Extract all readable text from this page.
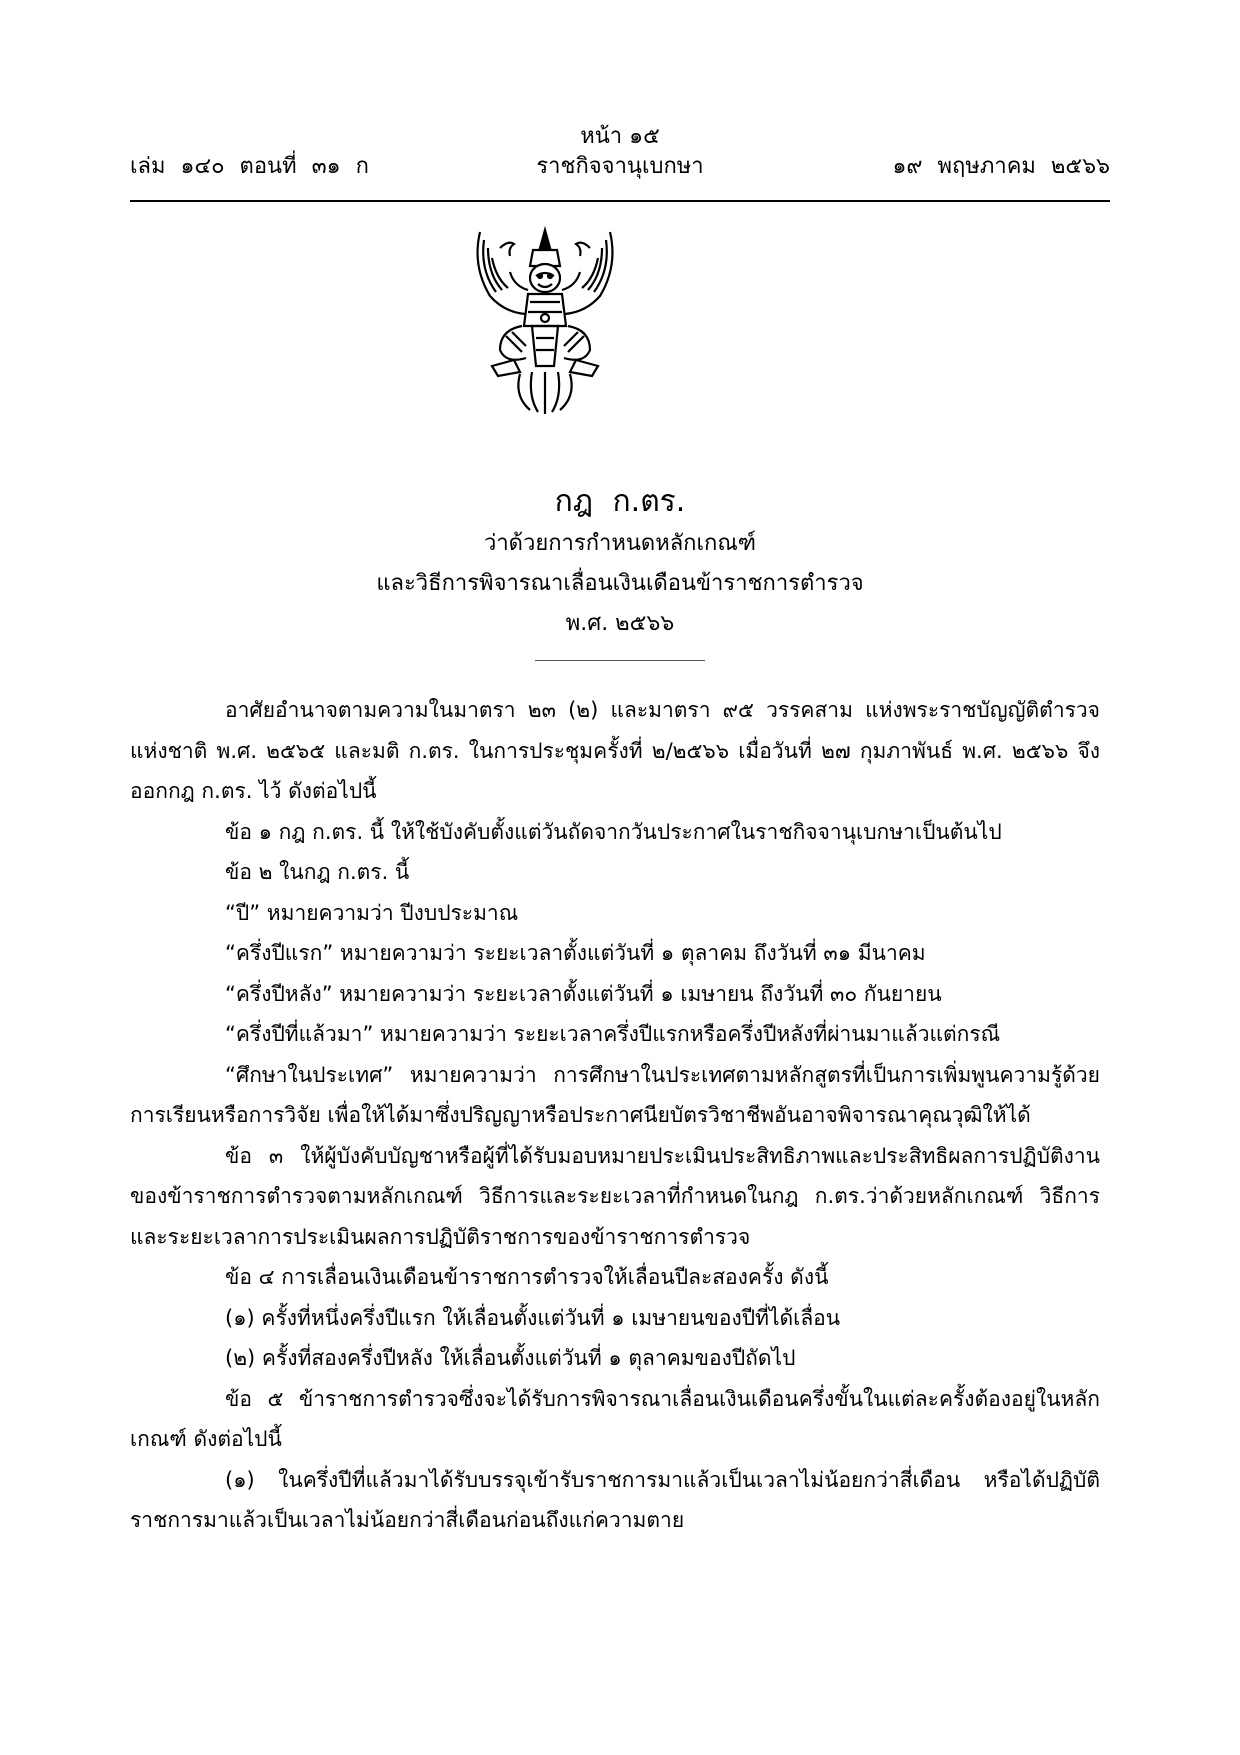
หน้า ๑๕
เล่ม ๑๔๐ ตอนที่ ๓๑ ก	ราชกิจจานุเบกษา	๑๙ พฤษภาคม ๒๕๖๖
กฎ ก.ตร.
ว่าด้วยการกำหนดหลักเกณฑ์
และวิธีการพิจารณาเลื่อนเงินเดือนข้าราชการตำรวจ
พ.ศ. ๒๕๖๖

อาศัยอำนาจตามความในมาตรา ๒๓ (๒) และมาตรา ๙๕ วรรคสาม แห่งพระราชบัญญัติตำรวจแห่งชาติ พ.ศ. ๒๕๖๕ และมติ ก.ตร. ในการประชุมครั้งที่ ๒/๒๕๖๖ เมื่อวันที่ ๒๗ กุมภาพันธ์ พ.ศ. ๒๕๖๖ จึงออกกฎ ก.ตร. ไว้ ดังต่อไปนี้

ข้อ ๑ กฎ ก.ตร. นี้ ให้ใช้บังคับตั้งแต่วันถัดจากวันประกาศในราชกิจจานุเบกษาเป็นต้นไป

ข้อ ๒ ในกฎ ก.ตร. นี้

“ปี” หมายความว่า ปีงบประมาณ

“ครึ่งปีแรก” หมายความว่า ระยะเวลาตั้งแต่วันที่ ๑ ตุลาคม ถึงวันที่ ๓๑ มีนาคม

“ครึ่งปีหลัง” หมายความว่า ระยะเวลาตั้งแต่วันที่ ๑ เมษายน ถึงวันที่ ๓๐ กันยายน

“ครึ่งปีที่แล้วมา” หมายความว่า ระยะเวลาครึ่งปีแรกหรือครึ่งปีหลังที่ผ่านมาแล้วแต่กรณี

“ศึกษาในประเทศ” หมายความว่า การศึกษาในประเทศตามหลักสูตรที่เป็นการเพิ่มพูนความรู้ด้วยการเรียนหรือการวิจัย เพื่อให้ได้มาซึ่งปริญญาหรือประกาศนียบัตรวิชาชีพอันอาจพิจารณาคุณวุฒิให้ได้

ข้อ ๓ ให้ผู้บังคับบัญชาหรือผู้ที่ได้รับมอบหมายประเมินประสิทธิภาพและประสิทธิผลการปฏิบัติงานของข้าราชการตำรวจตามหลักเกณฑ์ วิธีการและระยะเวลาที่กำหนดในกฎ ก.ตร.ว่าด้วยหลักเกณฑ์ วิธีการและระยะเวลาการประเมินผลการปฏิบัติราชการของข้าราชการตำรวจ

ข้อ ๔ การเลื่อนเงินเดือนข้าราชการตำรวจให้เลื่อนปีละสองครั้ง ดังนี้

(๑) ครั้งที่หนึ่งครึ่งปีแรก ให้เลื่อนตั้งแต่วันที่ ๑ เมษายนของปีที่ได้เลื่อน

(๒) ครั้งที่สองครึ่งปีหลัง ให้เลื่อนตั้งแต่วันที่ ๑ ตุลาคมของปีถัดไป

ข้อ ๕ ข้าราชการตำรวจซึ่งจะได้รับการพิจารณาเลื่อนเงินเดือนครึ่งขั้นในแต่ละครั้งต้องอยู่ในหลักเกณฑ์ ดังต่อไปนี้

(๑) ในครึ่งปีที่แล้วมาได้รับบรรจุเข้ารับราชการมาแล้วเป็นเวลาไม่น้อยกว่าสี่เดือน หรือได้ปฏิบัติราชการมาแล้วเป็นเวลาไม่น้อยกว่าสี่เดือนก่อนถึงแก่ความตาย
